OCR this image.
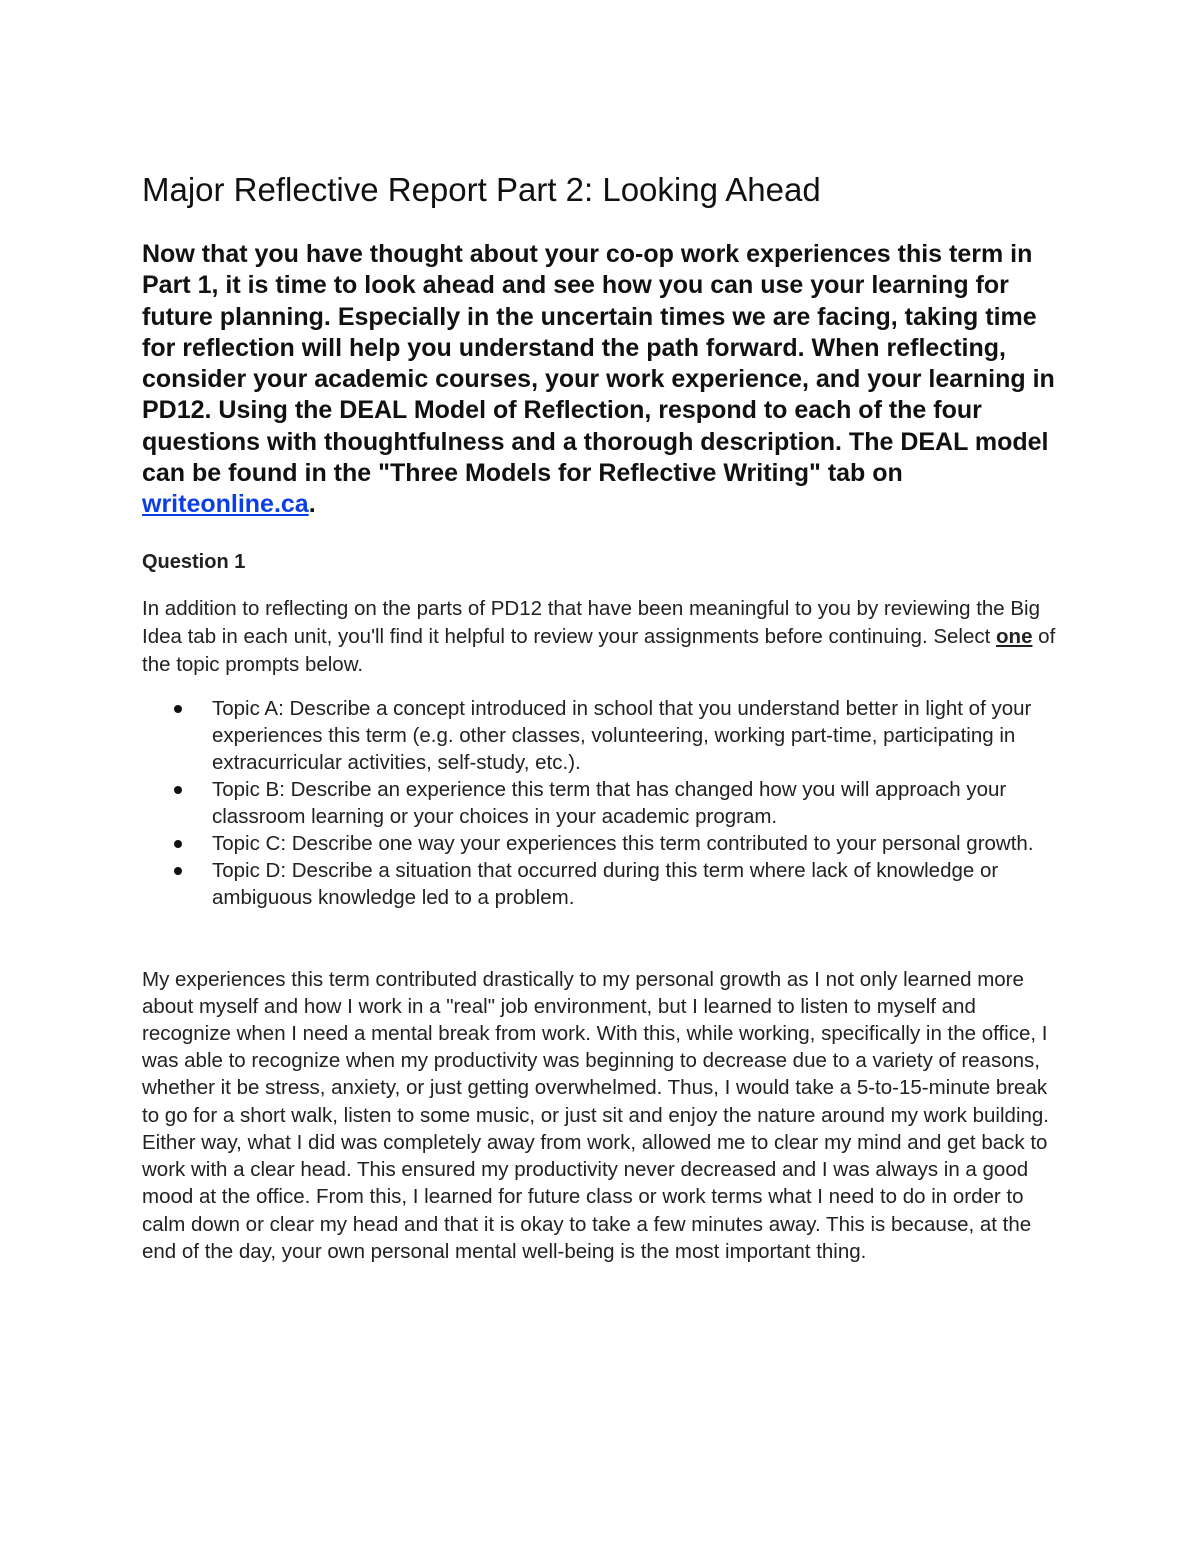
Major Reflective Report Part 2: Looking Ahead

Now that you have thought about your co-op work experiences this term in Part 1, it is time to look ahead and see how you can use your learning for future planning. Especially in the uncertain times we are facing, taking time for reflection will help you understand the path forward. When reflecting, consider your academic courses, your work experience, and your learning in PD12. Using the DEAL Model of Reflection, respond to each of the four questions with thoughtfulness and a thorough description. The DEAL model can be found in the "Three Models for Reflective Writing" tab on writeonline.ca.

Question 1

In addition to reflecting on the parts of PD12 that have been meaningful to you by reviewing the Big Idea tab in each unit, you'll find it helpful to review your assignments before continuing. Select one of the topic prompts below.

Topic A: Describe a concept introduced in school that you understand better in light of your experiences this term (e.g. other classes, volunteering, working part-time, participating in extracurricular activities, self-study, etc.).
Topic B: Describe an experience this term that has changed how you will approach your classroom learning or your choices in your academic program.
Topic C: Describe one way your experiences this term contributed to your personal growth.
Topic D: Describe a situation that occurred during this term where lack of knowledge or ambiguous knowledge led to a problem.

My experiences this term contributed drastically to my personal growth as I not only learned more about myself and how I work in a "real" job environment, but I learned to listen to myself and recognize when I need a mental break from work. With this, while working, specifically in the office, I was able to recognize when my productivity was beginning to decrease due to a variety of reasons, whether it be stress, anxiety, or just getting overwhelmed. Thus, I would take a 5-to-15-minute break to go for a short walk, listen to some music, or just sit and enjoy the nature around my work building. Either way, what I did was completely away from work, allowed me to clear my mind and get back to work with a clear head. This ensured my productivity never decreased and I was always in a good mood at the office. From this, I learned for future class or work terms what I need to do in order to calm down or clear my head and that it is okay to take a few minutes away. This is because, at the end of the day, your own personal mental well-being is the most important thing.
